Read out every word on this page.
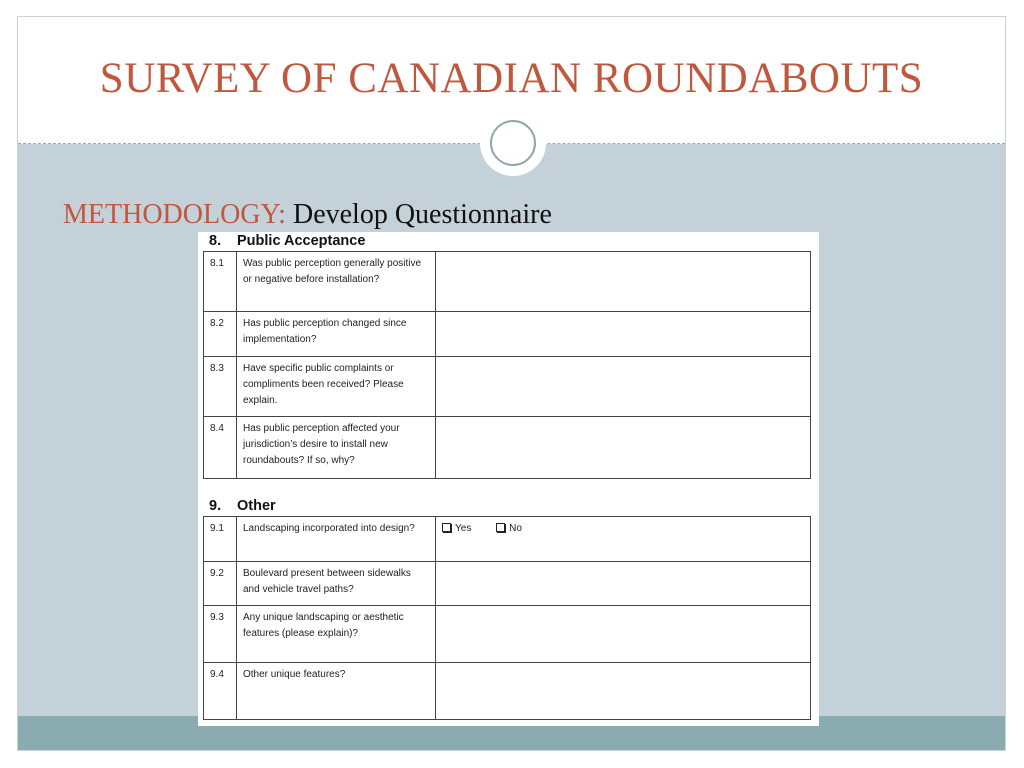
SURVEY OF CANADIAN ROUNDABOUTS
METHODOLOGY: Develop Questionnaire
8. Public Acceptance
8.1	Was public perception generally positive or negative before installation?	
8.2	Has public perception changed since implementation?	
8.3	Have specific public complaints or compliments been received? Please explain.	
8.4	Has public perception affected your jurisdiction’s desire to install new roundabouts? If so, why?	
9. Other
9.1	Landscaping incorporated into design?	Yes No
9.2	Boulevard present between sidewalks and vehicle travel paths?	
9.3	Any unique landscaping or aesthetic features (please explain)?	
9.4	Other unique features?	
